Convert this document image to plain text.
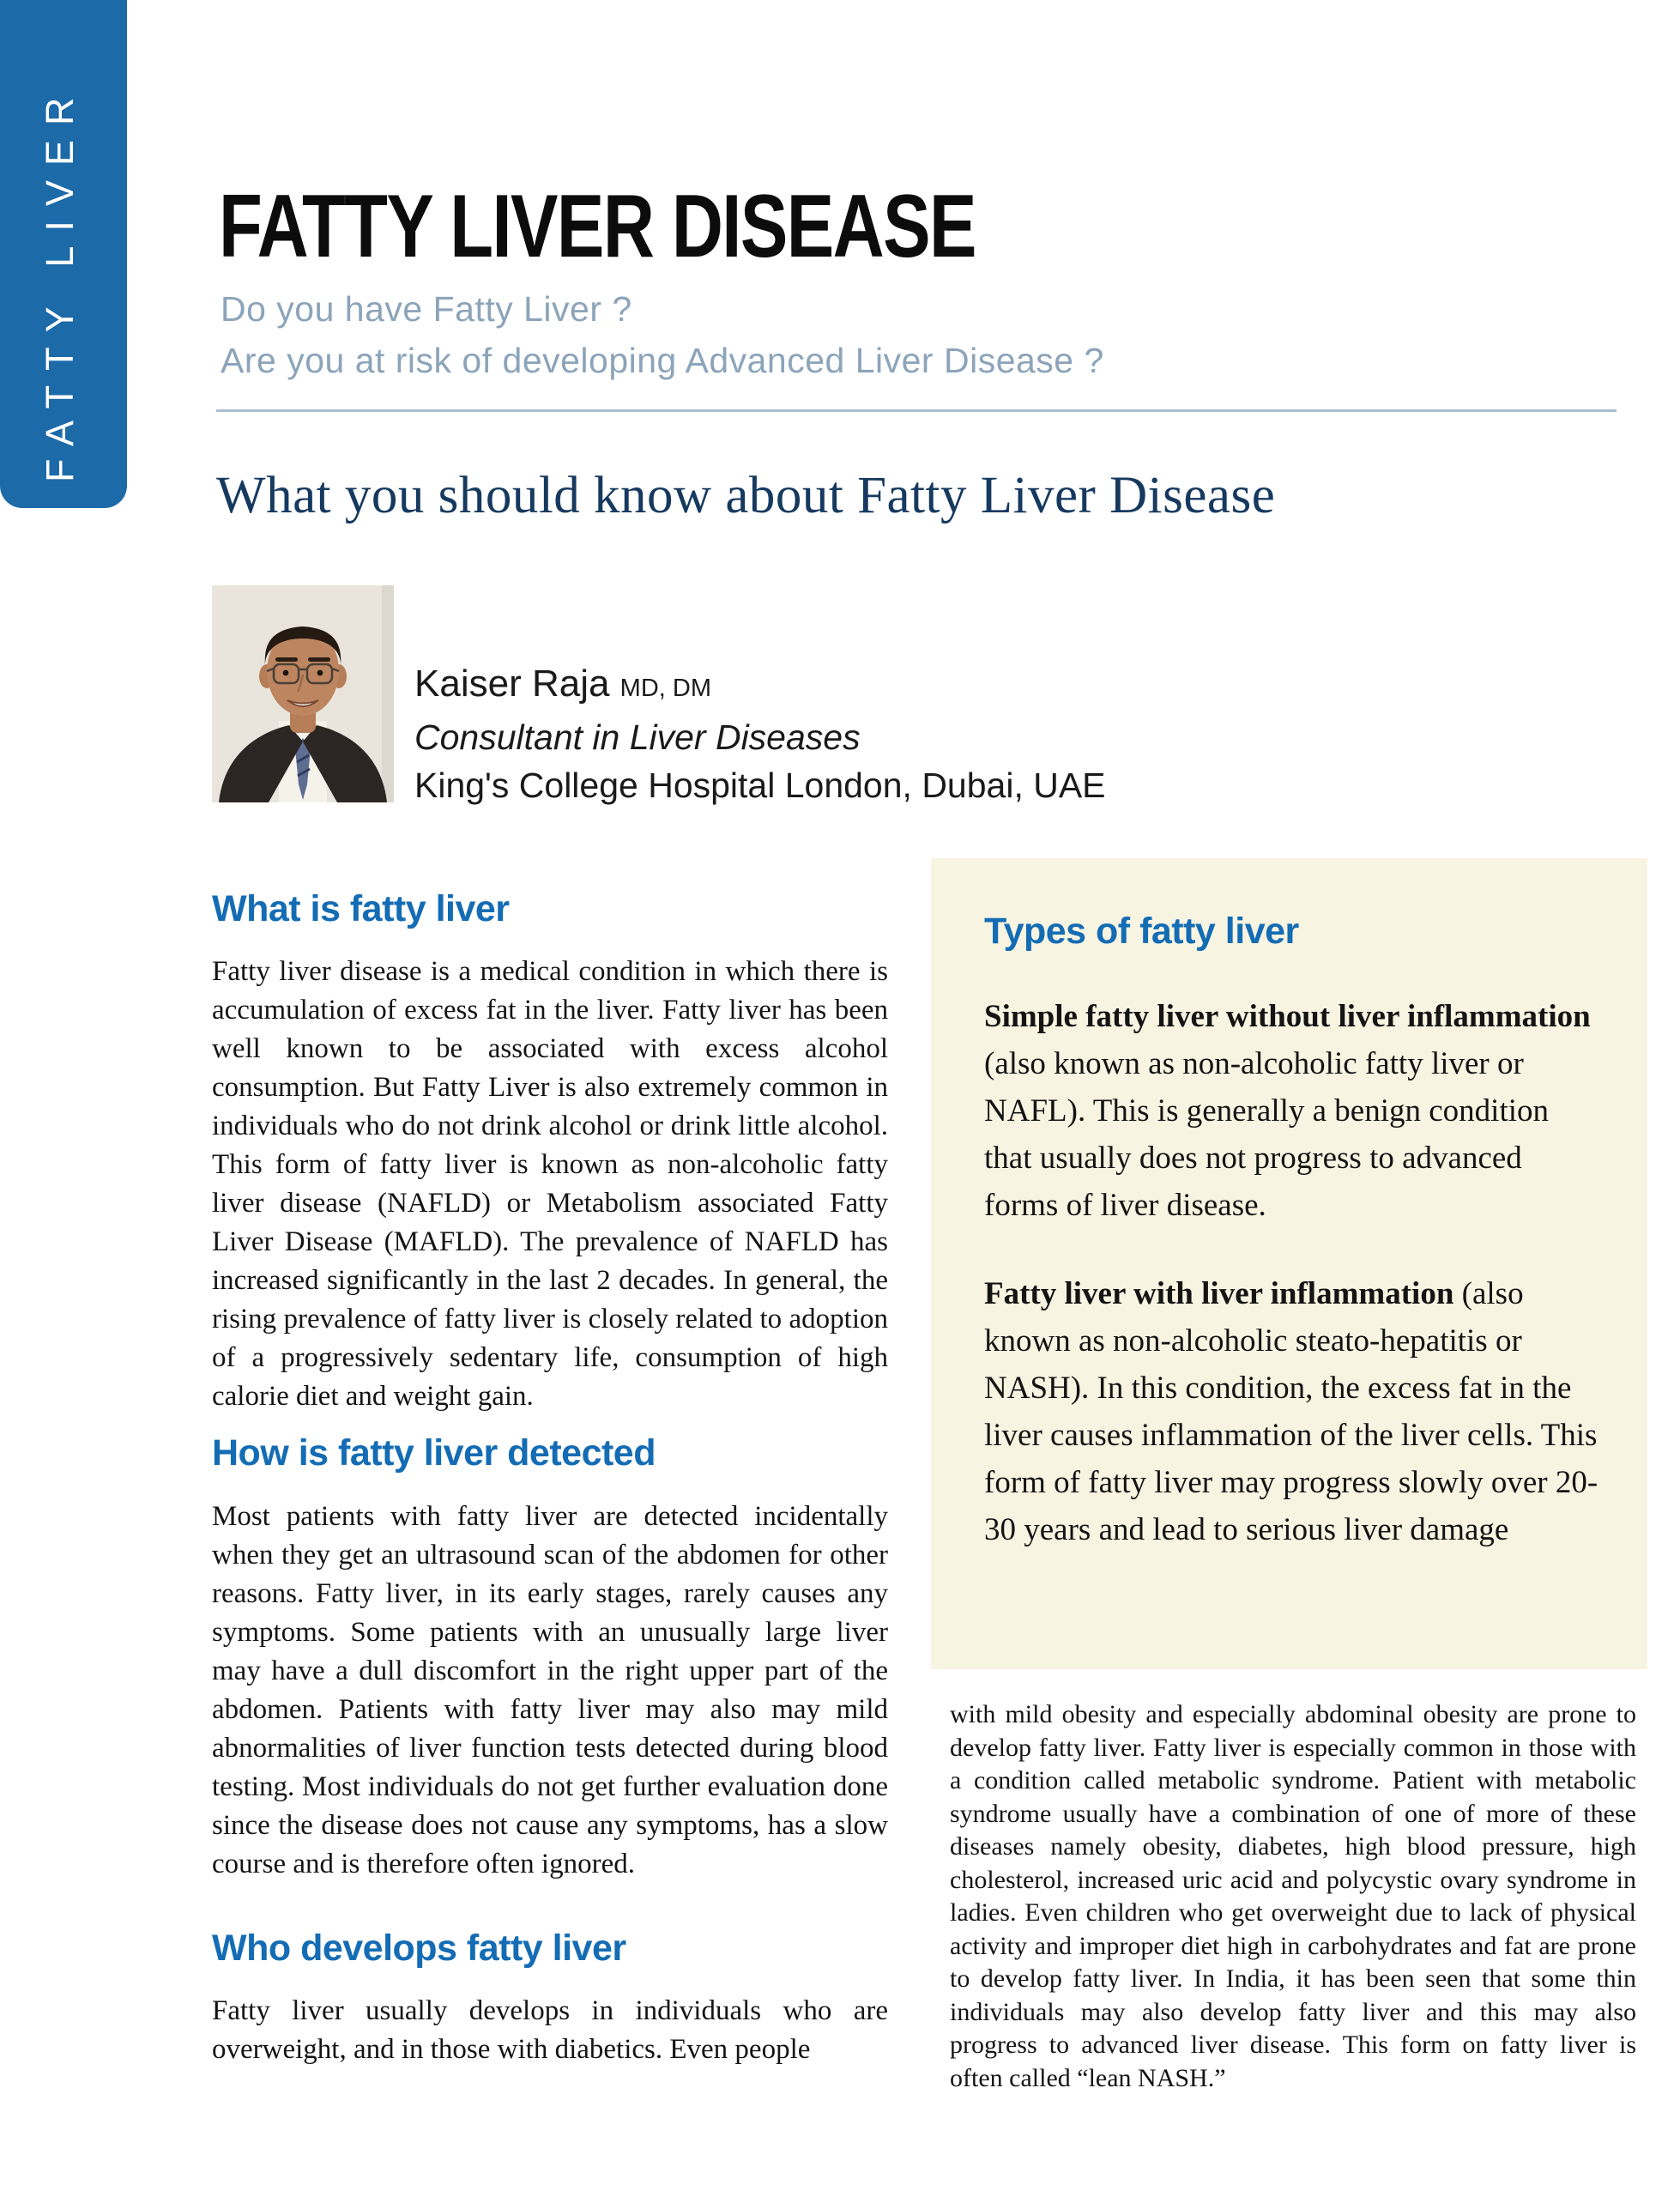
FATTY LIVER FATTY LIVER DISEASE
Do you have Fatty Liver ?
Are you at risk of developing Advanced Liver Disease ?
What you should know about Fatty Liver Disease
Kaiser Raja MD, DM
Consultant in Liver Diseases
King's College Hospital London, Dubai, UAE
What is fatty liver

Fatty liver disease is a medical condition in which there is accumulation of excess fat in the liver. Fatty liver has been well known to be associated with excess alcohol consumption. But Fatty Liver is also extremely common in individuals who do not drink alcohol or drink little alcohol. This form of fatty liver is known as non-alcoholic fatty liver disease (NAFLD) or Metabolism associated Fatty Liver Disease (MAFLD). The prevalence of NAFLD has increased significantly in the last 2 decades. In general, the rising prevalence of fatty liver is closely related to adoption of a progressively sedentary life, consumption of high calorie diet and weight gain.

How is fatty liver detected

Most patients with fatty liver are detected incidentally when they get an ultrasound scan of the abdomen for other reasons. Fatty liver, in its early stages, rarely causes any symptoms. Some patients with an unusually large liver may have a dull discomfort in the right upper part of the abdomen. Patients with fatty liver may also may mild abnormalities of liver function tests detected during blood testing. Most individuals do not get further evaluation done since the disease does not cause any symptoms, has a slow course and is therefore often ignored.

Who develops fatty liver

Fatty liver usually develops in individuals who are overweight, and in those with diabetics. Even people

Types of fatty liver

Simple fatty liver without liver inflammation (also known as non-alcoholic fatty liver or NAFL). This is generally a benign condition that usually does not progress to advanced forms of liver disease.

Fatty liver with liver inflammation (also known as non-alcoholic steato-hepatitis or NASH). In this condition, the excess fat in the liver causes inflammation of the liver cells. This form of fatty liver may progress slowly over 20-30 years and lead to serious liver damage

with mild obesity and especially abdominal obesity are prone to develop fatty liver. Fatty liver is especially common in those with a condition called metabolic syndrome. Patient with metabolic syndrome usually have a combination of one of more of these diseases namely obesity, diabetes, high blood pressure, high cholesterol, increased uric acid and polycystic ovary syndrome in ladies. Even children who get overweight due to lack of physical activity and improper diet high in carbohydrates and fat are prone to develop fatty liver. In India, it has been seen that some thin individuals may also develop fatty liver and this may also progress to advanced liver disease. This form on fatty liver is often called “lean NASH.”
